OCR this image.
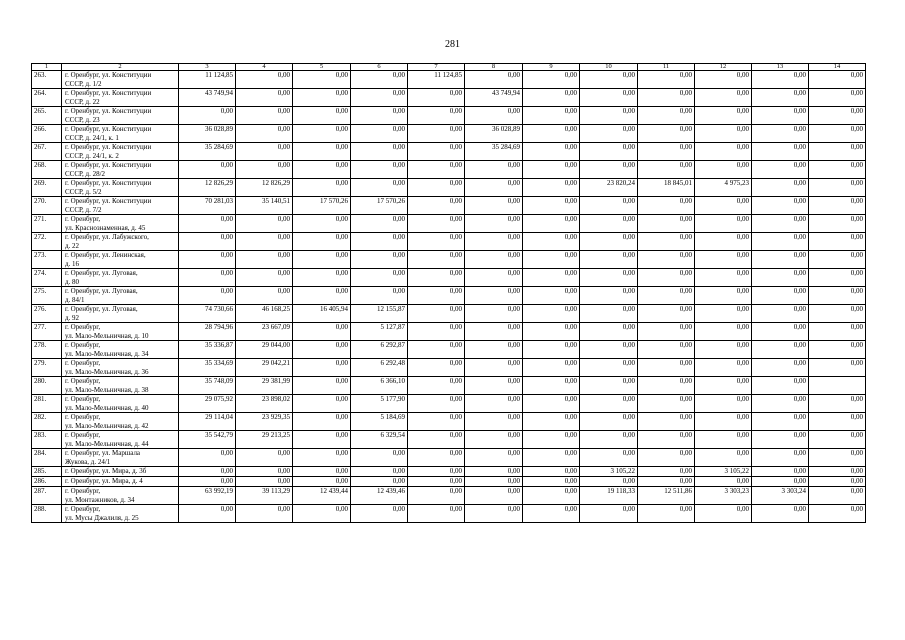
281
1	2	3	4	5	6	7	8	9	10	11	12	13	14
263.	г. Оренбург, ул. Конституции
СССР, д. 1/2	11 124,85	0,00	0,00	0,00	11 124,85	0,00	0,00	0,00	0,00	0,00	0,00	0,00
264.	г. Оренбург, ул. Конституции
СССР, д. 22	43 749,94	0,00	0,00	0,00	0,00	43 749,94	0,00	0,00	0,00	0,00	0,00	0,00
265.	г. Оренбург, ул. Конституции
СССР, д. 23	0,00	0,00	0,00	0,00	0,00	0,00	0,00	0,00	0,00	0,00	0,00	0,00
266.	г. Оренбург, ул. Конституции
СССР, д. 24/1, к. 1	36 028,89	0,00	0,00	0,00	0,00	36 028,89	0,00	0,00	0,00	0,00	0,00	0,00
267.	г. Оренбург, ул. Конституции
СССР, д. 24/1, к. 2	35 284,69	0,00	0,00	0,00	0,00	35 284,69	0,00	0,00	0,00	0,00	0,00	0,00
268.	г. Оренбург, ул. Конституции
СССР, д. 28/2	0,00	0,00	0,00	0,00	0,00	0,00	0,00	0,00	0,00	0,00	0,00	0,00
269.	г. Оренбург, ул. Конституции
СССР, д. 5/2	12 826,29	12 826,29	0,00	0,00	0,00	0,00	0,00	23 820,24	18 845,01	4 975,23	0,00	0,00
270.	г. Оренбург, ул. Конституции
СССР, д. 7/2	70 281,03	35 140,51	17 570,26	17 570,26	0,00	0,00	0,00	0,00	0,00	0,00	0,00	0,00
271.	г. Оренбург,
ул. Краснознаменная, д. 45	0,00	0,00	0,00	0,00	0,00	0,00	0,00	0,00	0,00	0,00	0,00	0,00
272.	г. Оренбург, ул. Лабужского,
д. 22	0,00	0,00	0,00	0,00	0,00	0,00	0,00	0,00	0,00	0,00	0,00	0,00
273.	г. Оренбург, ул. Ленинская,
д. 16	0,00	0,00	0,00	0,00	0,00	0,00	0,00	0,00	0,00	0,00	0,00	0,00
274.	г. Оренбург, ул. Луговая,
д. 80	0,00	0,00	0,00	0,00	0,00	0,00	0,00	0,00	0,00	0,00	0,00	0,00
275.	г. Оренбург, ул. Луговая,
д. 84/1	0,00	0,00	0,00	0,00	0,00	0,00	0,00	0,00	0,00	0,00	0,00	0,00
276.	г. Оренбург, ул. Луговая,
д. 92	74 730,66	46 168,25	16 405,94	12 155,87	0,00	0,00	0,00	0,00	0,00	0,00	0,00	0,00
277.	г. Оренбург,
ул. Мало-Мельничная, д. 10	28 794,96	23 667,09	0,00	5 127,87	0,00	0,00	0,00	0,00	0,00	0,00	0,00	0,00
278.	г. Оренбург,
ул. Мало-Мельничная, д. 34	35 336,87	29 044,00	0,00	6 292,87	0,00	0,00	0,00	0,00	0,00	0,00	0,00	0,00
279.	г. Оренбург,
ул. Мало-Мельничная, д. 36	35 334,69	29 042,21	0,00	6 292,48	0,00	0,00	0,00	0,00	0,00	0,00	0,00	0,00
280.	г. Оренбург,
ул. Мало-Мельничная, д. 38	35 748,09	29 381,99	0,00	6 366,10	0,00	0,00	0,00	0,00	0,00	0,00	0,00	
281.	г. Оренбург,
ул. Мало-Мельничная, д. 40	29 075,92	23 898,02	0,00	5 177,90	0,00	0,00	0,00	0,00	0,00	0,00	0,00	0,00
282.	г. Оренбург,
ул. Мало-Мельничная, д. 42	29 114,04	23 929,35	0,00	5 184,69	0,00	0,00	0,00	0,00	0,00	0,00	0,00	0,00
283.	г. Оренбург,
ул. Мало-Мельничная, д. 44	35 542,79	29 213,25	0,00	6 329,54	0,00	0,00	0,00	0,00	0,00	0,00	0,00	0,00
284.	г. Оренбург, ул. Маршала
Жукова, д. 24/1	0,00	0,00	0,00	0,00	0,00	0,00	0,00	0,00	0,00	0,00	0,00	0,00
285.	г. Оренбург, ул. Мира, д. 3б	0,00	0,00	0,00	0,00	0,00	0,00	0,00	3 105,22	0,00	3 105,22	0,00	0,00
286.	г. Оренбург, ул. Мира, д. 4	0,00	0,00	0,00	0,00	0,00	0,00	0,00	0,00	0,00	0,00	0,00	0,00
287.	г. Оренбург,
ул. Монтажников, д. 34	63 992,19	39 113,29	12 439,44	12 439,46	0,00	0,00	0,00	19 118,33	12 511,86	3 303,23	3 303,24	0,00
288.	г. Оренбург,
ул. Мусы Джалиля, д. 25	0,00	0,00	0,00	0,00	0,00	0,00	0,00	0,00	0,00	0,00	0,00	0,00
